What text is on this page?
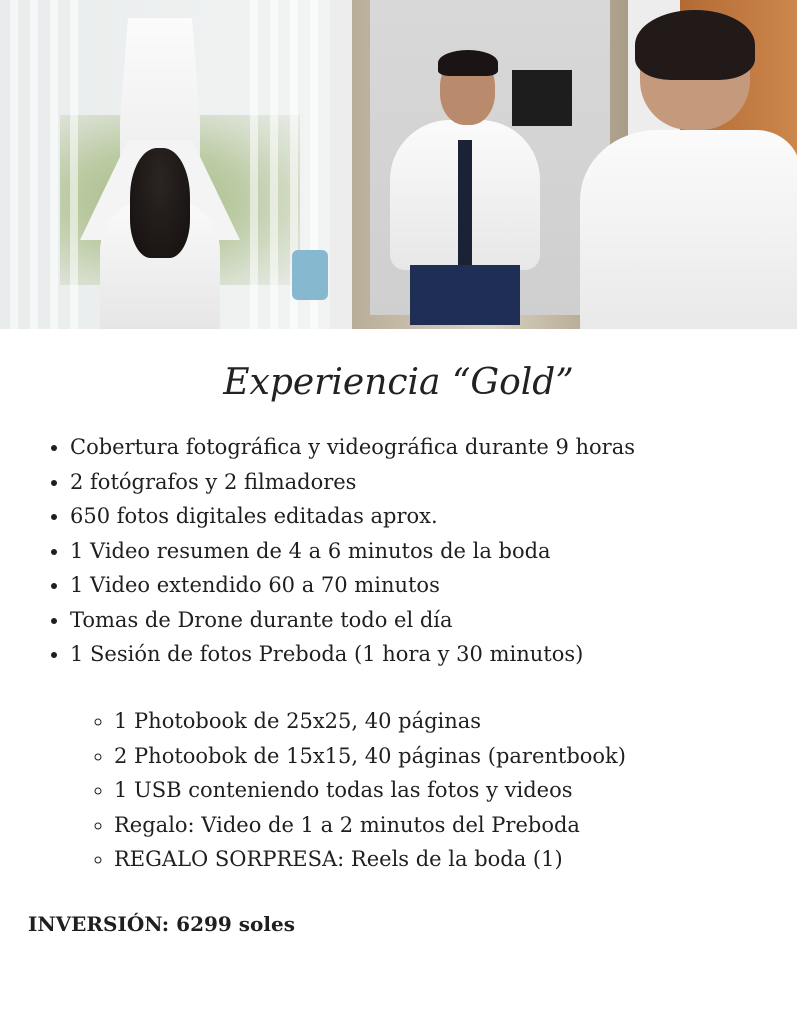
Experiencia “Gold”
• Cobertura fotográfica y videográfica durante 9 horas
• 2 fotógrafos y 2 filmadores
• 650 fotos digitales editadas aprox.
• 1 Video resumen de 4 a 6 minutos de la boda
• 1 Video extendido 60 a 70 minutos
• Tomas de Drone durante todo el día
• 1 Sesión de fotos Preboda (1 hora y 30 minutos)
◦ 1 Photobook de 25x25, 40 páginas
◦ 2 Photoobok de 15x15, 40 páginas (parentbook)
◦ 1 USB conteniendo todas las fotos y videos
◦ Regalo: Video de 1 a 2 minutos del Preboda
◦ REGALO SORPRESA: Reels de la boda (1)
INVERSIÓN: 6299 soles
